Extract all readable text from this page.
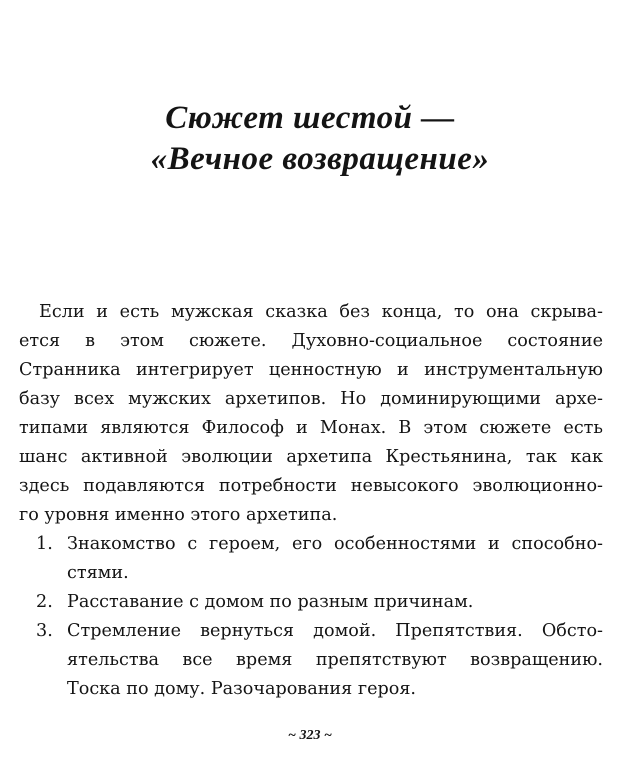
Сюжет шестой —
«Вечное возвращение»
Если и есть мужская сказка без конца, то она скрыва-
ется в этом сюжете. Духовно-социальное состояние
Странника интегрирует ценностную и инструментальную
базу всех мужских архетипов. Но доминирующими архе-
типами являются Философ и Монах. В этом сюжете есть
шанс активной эволюции архетипа Крестьянина, так как
здесь подавляются потребности невысокого эволюционно-
го уровня именно этого архетипа.
1. Знакомство с героем, его особенностями и способно-
стями.
2. Расставание с домом по разным причинам.
3. Стремление вернуться домой. Препятствия. Обсто-
ятельства все время препятствуют возвращению.
Тоска по дому. Разочарования героя.
~ 323 ~
